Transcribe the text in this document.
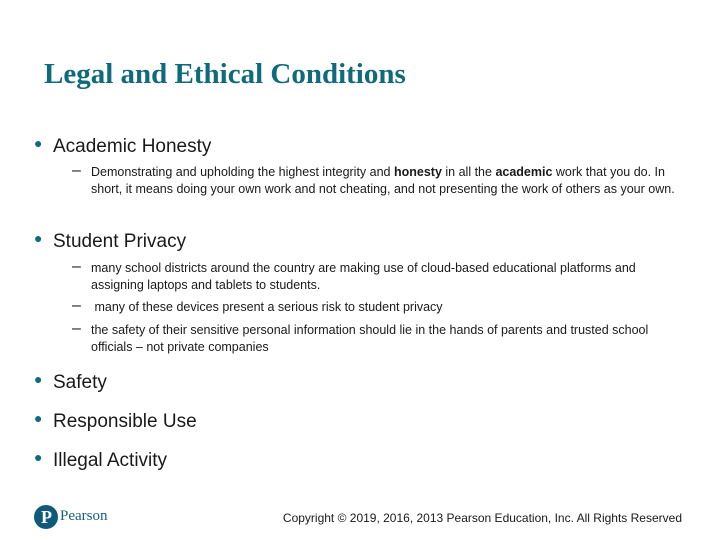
Legal and Ethical Conditions
● Academic Honesty
– Demonstrating and upholding the highest integrity and honesty in all the academic work that you do. In short, it means doing your own work and not cheating, and not presenting the work of others as your own.
● Student Privacy
– many school districts around the country are making use of cloud-based educational platforms and assigning laptops and tablets to students.
– many of these devices present a serious risk to student privacy
– the safety of their sensitive personal information should lie in the hands of parents and trusted school officials – not private companies
● Safety
● Responsible Use
● Illegal Activity
P Pearson	Copyright © 2019, 2016, 2013 Pearson Education, Inc. All Rights Reserved
